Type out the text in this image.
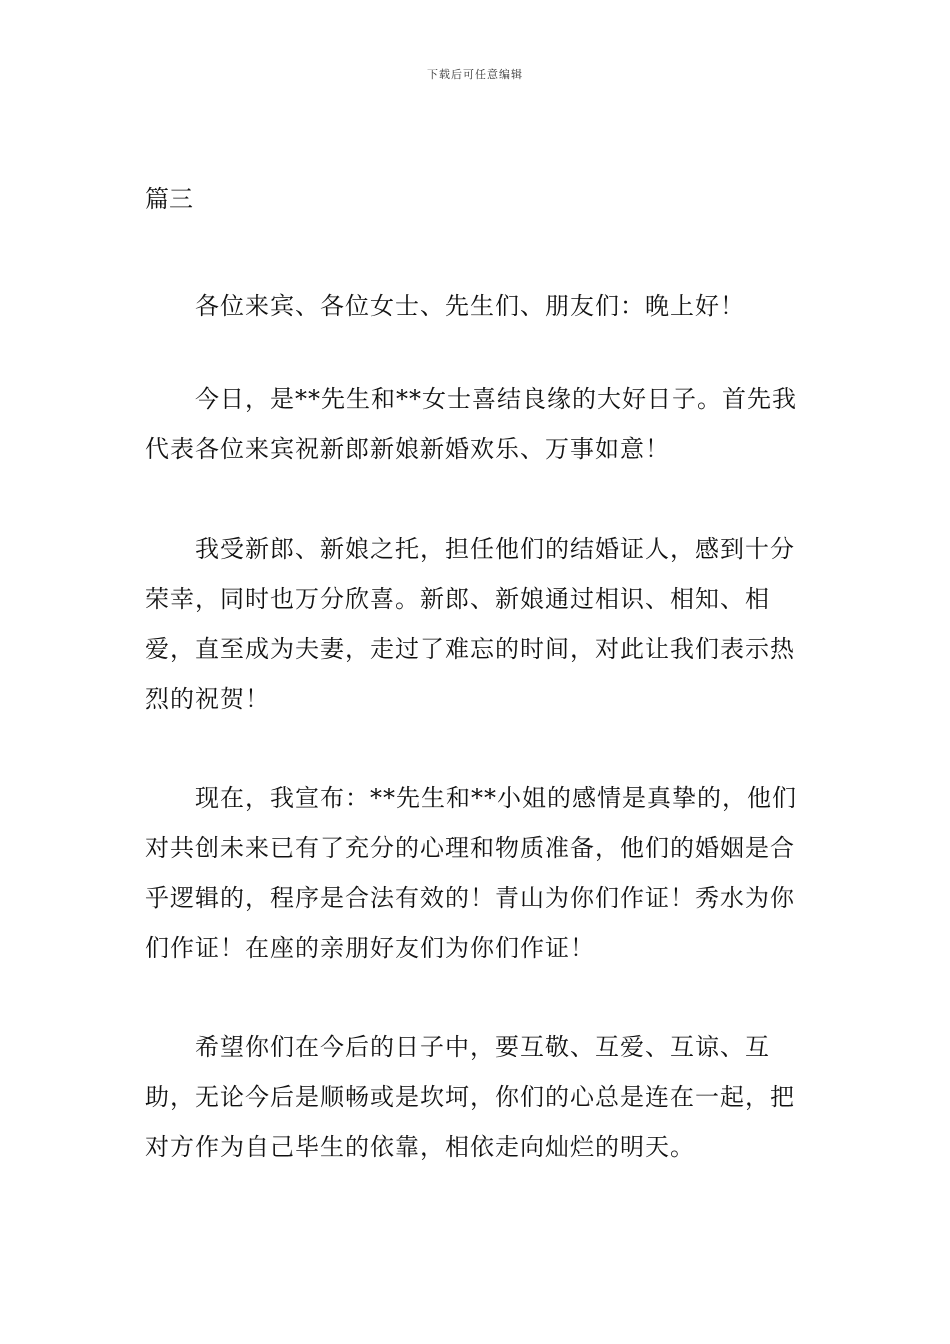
下载后可任意编辑
篇三

各位来宾、各位女士、先生们、朋友们：晚上好！

今日，是**先生和**女士喜结良缘的大好日子。首先我代表各位来宾祝新郎新娘新婚欢乐、万事如意！

我受新郎、新娘之托，担任他们的结婚证人，感到十分荣幸，同时也万分欣喜。新郎、新娘通过相识、相知、相爱，直至成为夫妻，走过了难忘的时间，对此让我们表示热烈的祝贺！

现在，我宣布：**先生和**小姐的感情是真挚的，他们对共创未来已有了充分的心理和物质准备，他们的婚姻是合乎逻辑的，程序是合法有效的！青山为你们作证！秀水为你们作证！在座的亲朋好友们为你们作证！

希望你们在今后的日子中，要互敬、互爱、互谅、互助，无论今后是顺畅或是坎坷，你们的心总是连在一起，把对方作为自己毕生的依靠，相依走向灿烂的明天。
